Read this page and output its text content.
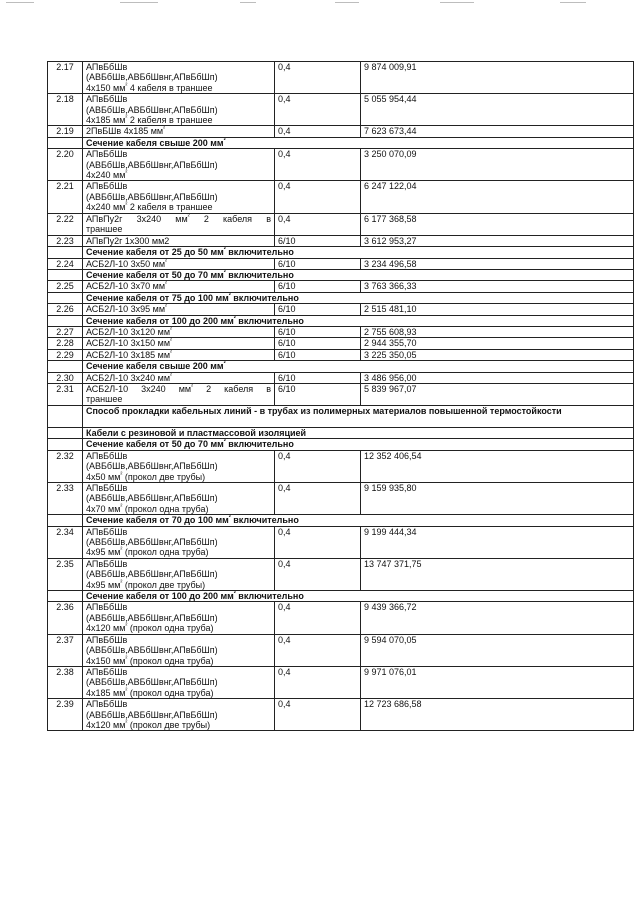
2.17	АПвБбШв
(АВБбШв,АВБбШвнг,АПвБбШп)
4х150 $мм^{^2}$ 4 кабеля в траншее	0,4	9 874 009,91
2.18	АПвБбШв
(АВБбШв,АВБбШвнг,АПвБбШп)
4х185 $мм^{^2}$ 2 кабеля в траншее	0,4	5 055 954,44
2.19	2ПвБШв 4х185 $мм^{^2}$	0,4	7 623 673,44
	Сечение кабеля свыше 200 $мм^{^2}$
2.20	АПвБбШв
(АВБбШв,АВБбШвнг,АПвБбШп)
4х240 $мм^{^2}$	0,4	3 250 070,09
2.21	АПвБбШв
(АВБбШв,АВБбШвнг,АПвБбШп)
4х240 $мм^{^2}$ 2 кабеля в траншее	0,4	6 247 122,04
2.22	АПвПу2г 3х240 $мм^{^2}$ 2 кабеля в
траншее	0,4	6 177 368,58
2.23	АПвПу2г 1х300 мм2	6/10	3 612 953,27
	Сечение кабеля от 25 до 50 $мм^{^2}$ включительно		
2.24	АСБ2Л-10 3х50 $мм^{^2}$	6/10	3 234 496,58
	Сечение кабеля от 50 до 70 $мм^{^2}$ включительно		
2.25	АСБ2Л-10 3х70 $мм^{^2}$	6/10	3 763 366,33
	Сечение кабеля от 75 до 100 $мм^{^2}$ включительно		
2.26	АСБ2Л-10 3х95 $мм^{^2}$	6/10	2 515 481,10
	Сечение кабеля от 100 до 200 $мм^{^2}$ включительно		
2.27	АСБ2Л-10 3х120 $мм^{^2}$	6/10	2 755 608,93
2.28	АСБ2Л-10 3х150 $мм^{^2}$	6/10	2 944 355,70
2.29	АСБ2Л-10 3х185 $мм^{^2}$	6/10	3 225 350,05
	Сечение кабеля свыше 200 $мм^{^2}$
2.30	АСБ2Л-10 3х240 $мм^{^2}$	6/10	3 486 956,00
2.31	АСБ2Л-10 3х240 $мм^{^2}$ 2 кабеля в
траншее	6/10	5 839 967,07
	Способ прокладки кабельных линий - в трубах из полимерных материалов повышенной термостойкости		
	Кабели с резиновой и пластмассовой изоляцией		
	Сечение кабеля от 50 до 70 $мм^{^2}$ включительно		
2.32	АПвБбШв
(АВБбШв,АВБбШвнг,АПвБбШп)
4х50 $мм^{^2}$ (прокол две трубы)	0,4	12 352 406,54
2.33	АПвБбШв
(АВБбШв,АВБбШвнг,АПвБбШп)
4х70 $мм^{^2}$ (прокол одна труба)	0,4	9 159 935,80
	Сечение кабеля от 70 до 100 $мм^{^2}$ включительно		
2.34	АПвБбШв
(АВБбШв,АВБбШвнг,АПвБбШп)
4х95 $мм^{^2}$ (прокол одна труба)	0,4	9 199 444,34
2.35	АПвБбШв
(АВБбШв,АВБбШвнг,АПвБбШп)
4х95 $мм^{^2}$ (прокол две трубы)	0,4	13 747 371,75
	Сечение кабеля от 100 до 200 $мм^{^2}$ включительно		
2.36	АПвБбШв
(АВБбШв,АВБбШвнг,АПвБбШп)
4х120 $мм^{^2}$ (прокол одна труба)	0,4	9 439 366,72
2.37	АПвБбШв
(АВБбШв,АВБбШвнг,АПвБбШп)
4х150 $мм^{^2}$ (прокол одна труба)	0,4	9 594 070,05
2.38	АПвБбШв
(АВБбШв,АВБбШвнг,АПвБбШп)
4х185 $мм^{^2}$ (прокол одна труба)	0,4	9 971 076,01
2.39	АПвБбШв
(АВБбШв,АВБбШвнг,АПвБбШп)
4х120 $мм^{^2}$ (прокол две трубы)	0,4	12 723 686,58
